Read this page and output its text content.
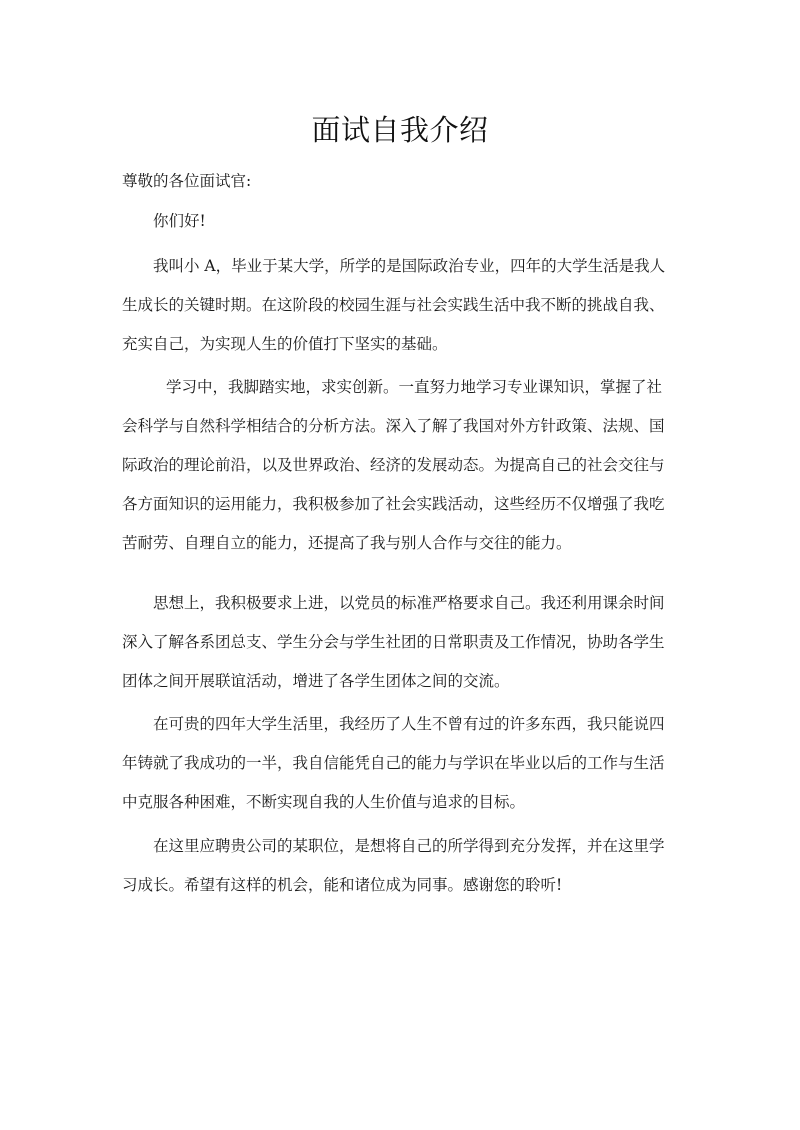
面试自我介绍
尊敬的各位面试官:
你们好!

我叫小 A，毕业于某大学，所学的是国际政治专业，四年的大学生活是我人
生成长的关键时期。在这阶段的校园生涯与社会实践生活中我不断的挑战自我、
充实自己，为实现人生的价值打下坚实的基础。

学习中，我脚踏实地，求实创新。一直努力地学习专业课知识，掌握了社
会科学与自然科学相结合的分析方法。深入了解了我国对外方针政策、法规、国
际政治的理论前沿，以及世界政治、经济的发展动态。为提高自己的社会交往与
各方面知识的运用能力，我积极参加了社会实践活动，这些经历不仅增强了我吃
苦耐劳、自理自立的能力，还提高了我与别人合作与交往的能力。

思想上，我积极要求上进，以党员的标准严格要求自己。我还利用课余时间
深入了解各系团总支、学生分会与学生社团的日常职责及工作情况，协助各学生
团体之间开展联谊活动，增进了各学生团体之间的交流。

在可贵的四年大学生活里，我经历了人生不曾有过的许多东西，我只能说四
年铸就了我成功的一半，我自信能凭自己的能力与学识在毕业以后的工作与生活
中克服各种困难，不断实现自我的人生价值与追求的目标。

在这里应聘贵公司的某职位，是想将自己的所学得到充分发挥，并在这里学
习成长。希望有这样的机会，能和诸位成为同事。感谢您的聆听!
